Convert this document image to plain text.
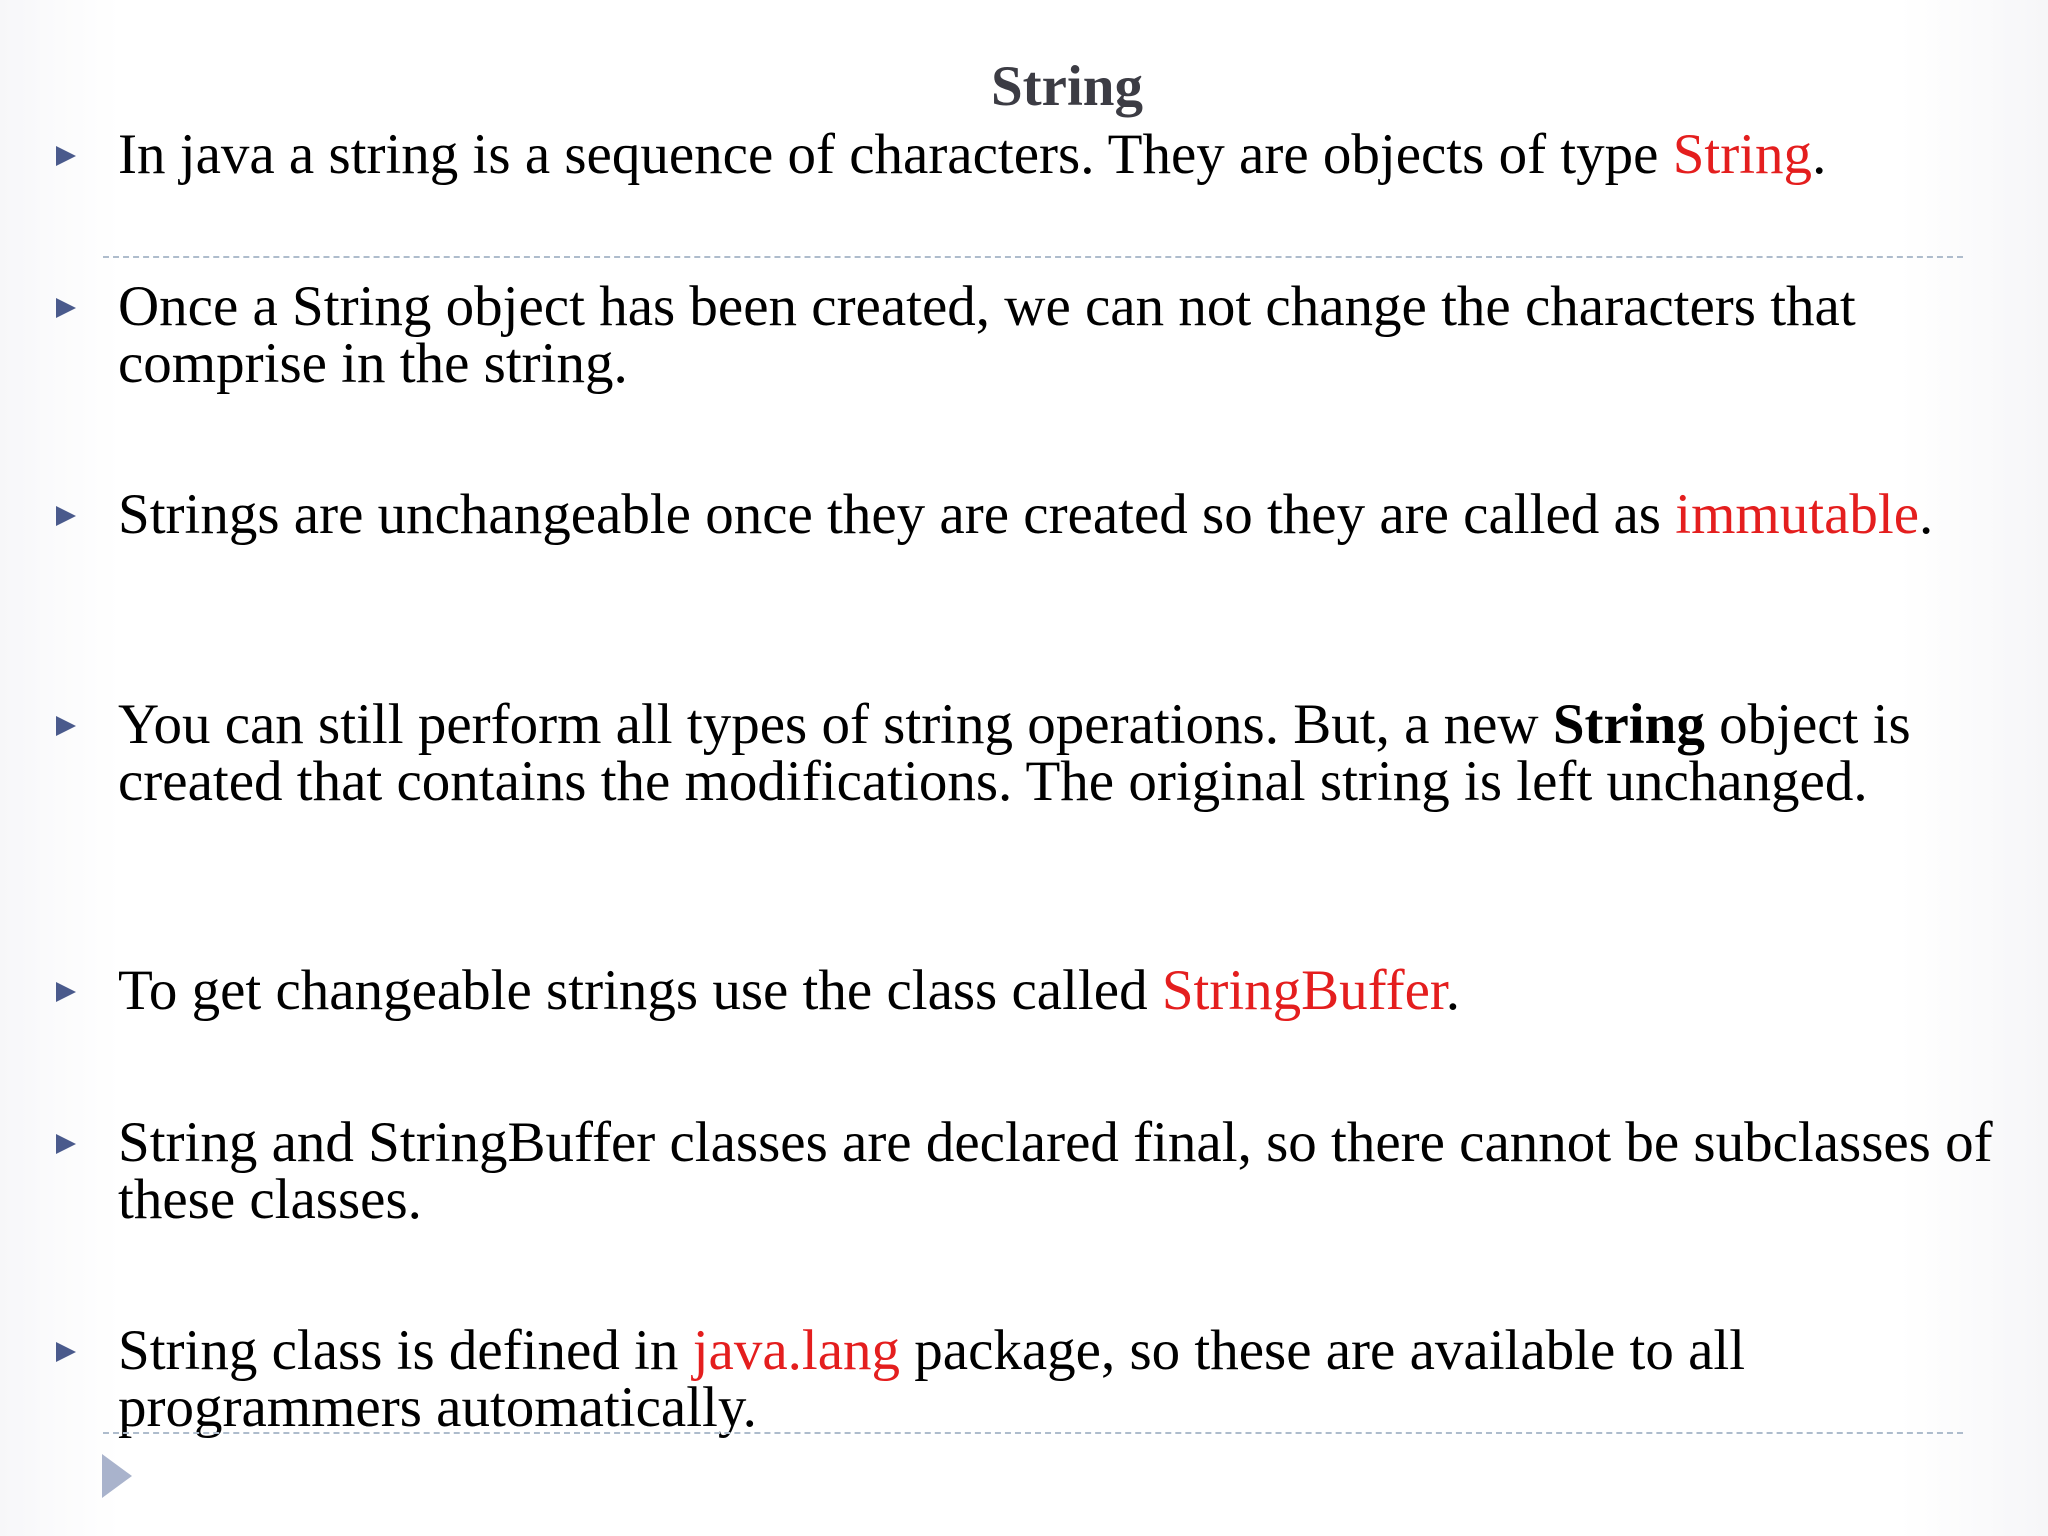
String
In java a string is a sequence of characters. They are objects of type String.
Once a String object has been created, we can not change the characters that comprise in the string.
Strings are unchangeable once they are created so they are called as immutable.
You can still perform all types of string operations. But, a new String object is created that contains the modifications. The original string is left unchanged.
To get changeable strings use the class called StringBuffer.
String and StringBuffer classes are declared final, so there cannot be subclasses of these classes.
String class is defined in java.lang package, so these are available to all programmers automatically.
